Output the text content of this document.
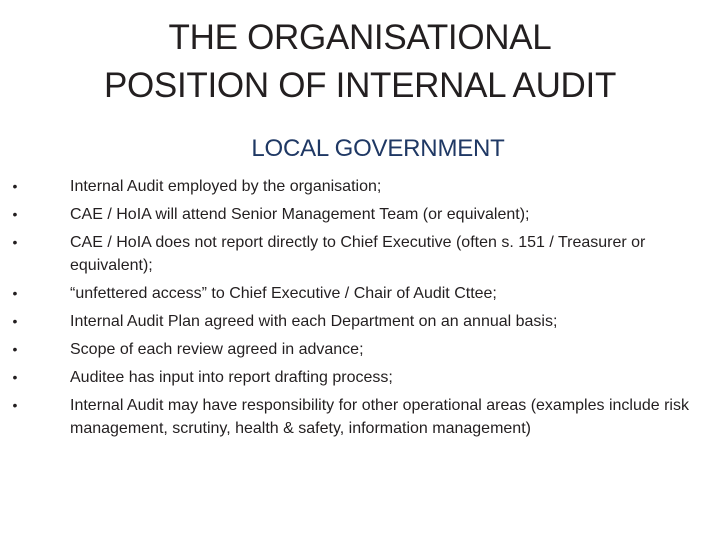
THE ORGANISATIONAL
POSITION OF INTERNAL AUDIT
LOCAL GOVERNMENT
•	Internal Audit employed by the organisation;
•	CAE / HoIA will attend Senior Management Team (or equivalent);
•	CAE / HoIA does not report directly to Chief Executive (often s. 151 / Treasurer or equivalent);
•	“unfettered access” to Chief Executive / Chair of Audit Cttee;
•	Internal Audit Plan agreed with each Department on an annual basis;
•	Scope of each review agreed in advance;
•	Auditee has input into report drafting process;
•	Internal Audit may have responsibility for other operational areas (examples include risk management, scrutiny, health & safety, information management)
